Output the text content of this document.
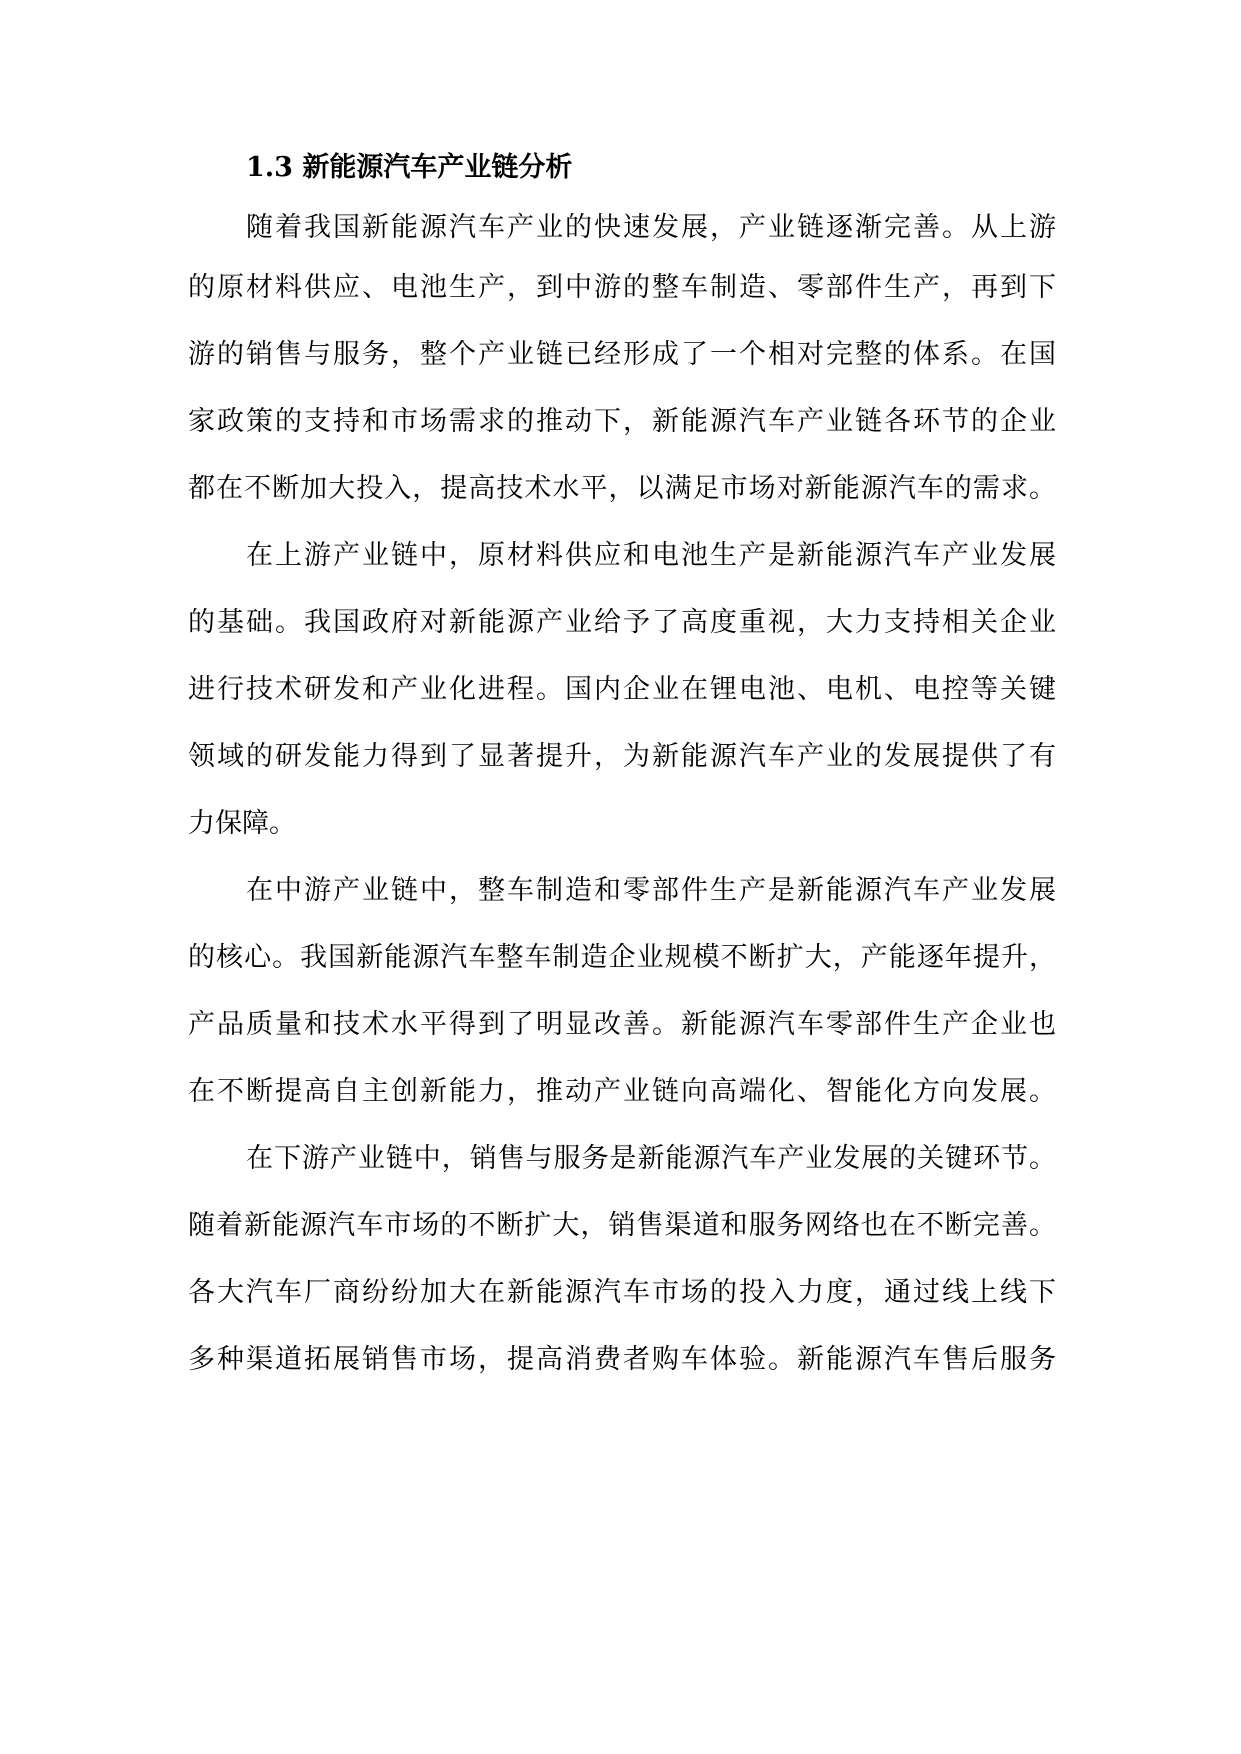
1.3 新能源汽车产业链分析
随着我国新能源汽车产业的快速发展，产业链逐渐完善。从上游
的原材料供应、电池生产，到中游的整车制造、零部件生产，再到下
游的销售与服务，整个产业链已经形成了一个相对完整的体系。在国
家政策的支持和市场需求的推动下，新能源汽车产业链各环节的企业
都在不断加大投入，提高技术水平，以满足市场对新能源汽车的需求。
在上游产业链中，原材料供应和电池生产是新能源汽车产业发展
的基础。我国政府对新能源产业给予了高度重视，大力支持相关企业
进行技术研发和产业化进程。国内企业在锂电池、电机、电控等关键
领域的研发能力得到了显著提升，为新能源汽车产业的发展提供了有
力保障。
在中游产业链中，整车制造和零部件生产是新能源汽车产业发展
的核心。我国新能源汽车整车制造企业规模不断扩大，产能逐年提升，
产品质量和技术水平得到了明显改善。新能源汽车零部件生产企业也
在不断提高自主创新能力，推动产业链向高端化、智能化方向发展。
在下游产业链中，销售与服务是新能源汽车产业发展的关键环节。
随着新能源汽车市场的不断扩大，销售渠道和服务网络也在不断完善。
各大汽车厂商纷纷加大在新能源汽车市场的投入力度，通过线上线下
多种渠道拓展销售市场，提高消费者购车体验。新能源汽车售后服务
